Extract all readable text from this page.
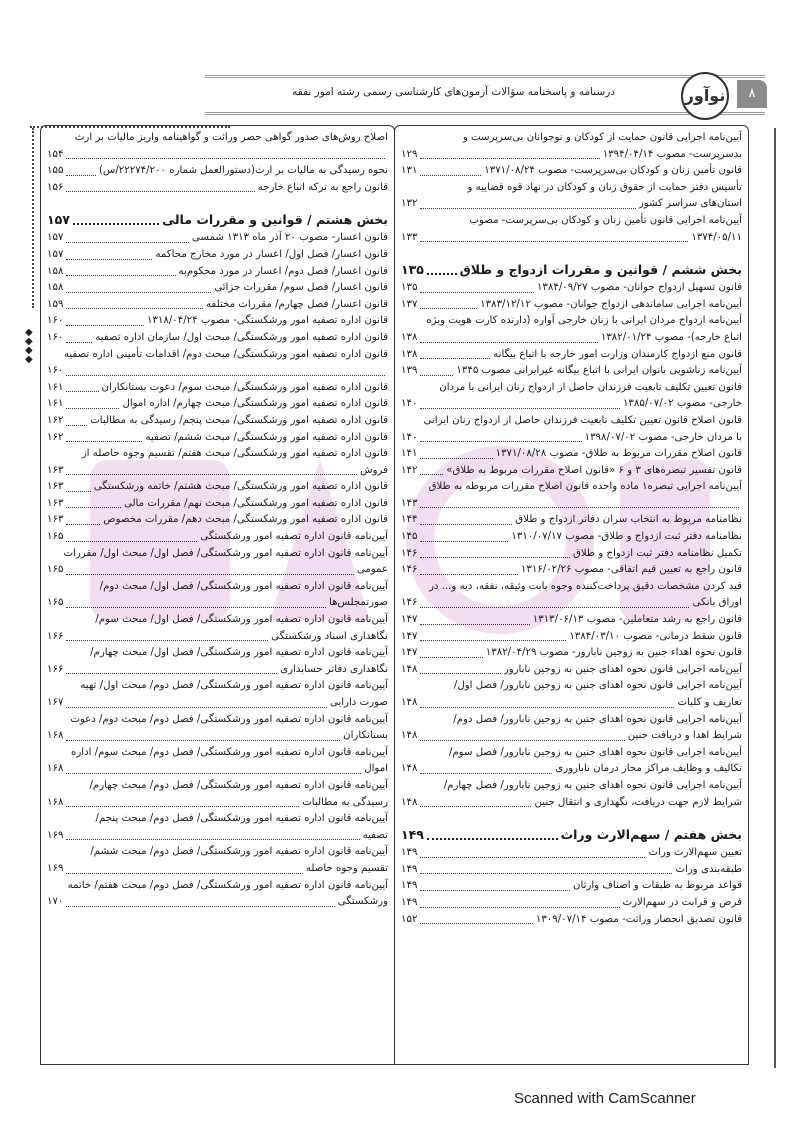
درسنامه و پاسخنامه سؤالات آزمون‌های کارشناسی رسمی رشته امور نفقه	نوآور	۸
◆
◆
◆
◆
آیین‌نامه اجرایی قانون حمایت از کودکان و نوجوانان بی‌سرپرست و
بدسرپرست- مصوب ۱۳۹۴/۰۴/۱۴
۱۲۹
قانون تأمین زنان و کودکان بی‌سرپرست- مصوب ۱۳۷۱/۰۸/۲۴
۱۳۱
تأسیس دفتر حمایت از حقوق زنان و کودکان در نهاد قوه قضاییه و
استان‌های سراسر کشور
۱۳۲
آیین‌نامه اجرایی قانون تأمین زنان و کودکان بی‌سرپرست- مصوب
۱۳۷۴/۰۵/۱۱
۱۳۳
بخش ششم / قوانین و مقررات ازدواج و طلاق
۱۳۵
قانون تسهیل ازدواج جوانان- مصوب ۱۳۸۴/۰۹/۲۷
۱۳۵
آیین‌نامه اجرایی ساماندهی ازدواج جوانان- مصوب ۱۳۸۳/۱۲/۱۲
۱۳۷
آیین‌نامه ازدواج مردان ایرانی با زنان خارجی آواره (دارنده کارت هویت ویژه
اتباع خارجه)- مصوب ۱۳۸۲/۰۱/۲۴
۱۳۸
قانون منع ازدواج کارمندان وزارت امور خارجه با اتباع بیگانه
۱۳۸
آیین‌نامه زناشویی بانوان ایرانی با اتباع بیگانه غیرایرانی مصوب ۱۳۴۵
۱۳۹
قانون تعیین تکلیف تابعیت فرزندان حاصل از ازدواج زنان ایرانی با مردان
خارجی- مصوب ۱۳۸۵/۰۷/۰۲
۱۴۰
قانون اصلاح قانون تعیین تکلیف تابعیت فرزندان حاصل از ازدواج زنان ایرانی
با مردان خارجی- مصوب ۱۳۹۸/۰۷/۰۲
۱۴۰
قانون اصلاح مقررات مربوط به طلاق- مصوب ۱۳۷۱/۰۸/۲۸
۱۴۱
قانون تفسیر تبصره‌های ۳ و ۶ «قانون اصلاح مقررات مربوط به طلاق»
۱۴۲
آیین‌نامه اجرایی تبصره۱ ماده واحده قانون اصلاح مقررات مربوطه به طلاق
۱۴۳
نظامنامه مربوط به انتخاب سران دفاتر ازدواج و طلاق
۱۴۴
نظامنامه دفتر ثبت ازدواج و طلاق- مصوب ۱۳۱۰/۰۷/۱۷
۱۴۵
تکمیل نظامنامه دفتر ثبت ازدواج و طلاق
۱۴۶
قانون راجع به تعیین قیم اتفاقی- مصوب ۱۳۱۶/۰۲/۲۶
۱۴۶
قید کردن مشخصات دقیق پرداخت‌کننده وجوه بابت وثیقه، نفقه، دیه و... در
اوراق بانکی
۱۴۶
قانون راجع به رشد متعاملین- مصوب ۱۳۱۳/۰۶/۱۳
۱۴۷
قانون سقط درمانی- مصوب ۱۳۸۴/۰۳/۱۰
۱۴۷
قانون نحوه اهداء جنین به زوجین نابارور- مصوب ۱۳۸۲/۰۴/۲۹
۱۴۷
آیین‌نامه اجرایی قانون نحوه اهدای جنین به زوجین نابارور
۱۴۸
آیین‌نامه اجرایی قانون نحوه اهدای جنین به زوجین نابارور/ فصل اول/
تعاریف و کلیات
۱۴۸
آیین‌نامه اجرایی قانون نحوه اهدای جنین به زوجین نابارور/ فصل دوم/
شرایط اهدا و دریافت جنین
۱۴۸
آیین‌نامه اجرایی قانون نحوه اهدای جنین به زوجین نابارور/ فصل سوم/
تکالیف و وظایف مراکز مجاز درمان ناباروری
۱۴۸
آیین‌نامه اجرایی قانون نحوه اهدای جنین به زوجین نابارور/ فصل چهارم/
شرایط لازم جهت دریافت، نگهداری و انتقال جنین
۱۴۸
بخش هفتم / سهم‌الارث وراث
۱۴۹
تعیین سهم‌الارث وراث
۱۴۹
طبقه‌بندی وراث
۱۴۹
قواعد مربوط به طبقات و اصناف وارثان
۱۴۹
فرض و قرابت در سهم‌الارث
۱۴۹
قانون تصدیق انحصار وراثت- مصوب ۱۳۰۹/۰۷/۱۴
۱۵۲
اصلاح روش‌های صدور گواهی حصر وراثت و گواهینامه واریز مالیات بر ارث
۱۵۴
نحوه رسیدگی به مالیات بر ارث(دستورالعمل شماره ۲۲۲۷۴/۲۰۰/س)
۱۵۵
قانون راجع به ترکه اتباع خارجه
۱۵۶
بخش هشتم / قوانین و مقررات مالی
۱۵۷
قانون اعسار- مصوب ۲۰ آذر ماه ۱۳۱۳ شمسی
۱۵۷
قانون اعسار/ فصل اول/ اعسار در مورد مخارج محاکمه
۱۵۷
قانون اعسار/ فصل دوم/ اعسار در مورد محکوم‌به
۱۵۸
قانون اعسار/ فصل سوم/ مقررات جزائی
۱۵۸
قانون اعسار/ فصل چهارم/ مقررات مختلفه
۱۵۹
قانون اداره تصفیه امور ورشکستگی- مصوب ۱۳۱۸/۰۴/۲۴
۱۶۰
قانون اداره تصفیه امور ورشکستگی/ مبحث اول/ سازمان اداره تصفیه
۱۶۰
قانون اداره تصفیه امور ورشکستگی/ مبحث دوم/ اقدامات تأمینی اداره تصفیه
۱۶۰
قانون اداره تصفیه امور ورشکستگی/ مبحث سوم/ دعوت بستانکاران
۱۶۱
قانون اداره تصفیه امور ورشکستگی/ مبحث چهارم/ اداره اموال
۱۶۱
قانون اداره تصفیه امور ورشکستگی/ مبحث پنجم/ رسیدگی به مطالبات
۱۶۲
قانون اداره تصفیه امور ورشکستگی/ مبحث ششم/ تصفیه
۱۶۲
قانون اداره تصفیه امور ورشکستگی/ مبحث هفتم/ تقسیم وجوه حاصله از
فروش
۱۶۳
قانون اداره تصفیه امور ورشکستگی/ مبحث هشتم/ خاتمه ورشکستگی
۱۶۳
قانون اداره تصفیه امور ورشکستگی/ مبحث نهم/ مقررات مالی
۱۶۳
قانون اداره تصفیه امور ورشکستگی/ مبحث دهم/ مقررات مخصوص
۱۶۳
آیین‌نامه قانون اداره تصفیه امور ورشکستگی
۱۶۵
آیین‌نامه قانون اداره تصفیه امور ورشکستگی/ فصل اول/ مبحث اول/ مقررات
عمومی
۱۶۵
آیین‌نامه قانون اداره تصفیه امور ورشکستگی/ فصل اول/ مبحث دوم/
صورتمجلس‌ها
۱۶۵
آیین‌نامه قانون اداره تصفیه امور ورشکستگی/ فصل اول/ مبحث سوم/
نگاهداری اسناد ورشکستگی
۱۶۶
آیین‌نامه قانون اداره تصفیه امور ورشکستگی/ فصل اول/ مبحث چهارم/
نگاهداری دفاتر حسابداری
۱۶۶
آیین‌نامه قانون اداره تصفیه امور ورشکستگی/ فصل دوم/ مبحث اول/ تهیه
صورت دارایی
۱۶۷
آیین‌نامه قانون اداره تصفیه امور ورشکستگی/ فصل دوم/ مبحث دوم/ دعوت
بستانکاران
۱۶۸
آیین‌نامه قانون اداره تصفیه امور ورشکستگی/ فصل دوم/ مبحث سوم/ اداره
اموال
۱۶۸
آیین‌نامه قانون اداره تصفیه امور ورشکستگی/ فصل دوم/ مبحث چهارم/
رسیدگی به مطالبات
۱۶۸
آیین‌نامه قانون اداره تصفیه امور ورشکستگی/ فصل دوم/ مبحث پنجم/
تصفیه
۱۶۹
آیین‌نامه قانون اداره تصفیه امور ورشکستگی/ فصل دوم/ مبحث ششم/
تقسیم وجوه حاصله
۱۶۹
آیین‌نامه قانون اداره تصفیه امور ورشکستگی/ فصل دوم/ مبحث هفتم/ خاتمه
ورشکستگی
۱۷۰
Scanned with CamScanner
